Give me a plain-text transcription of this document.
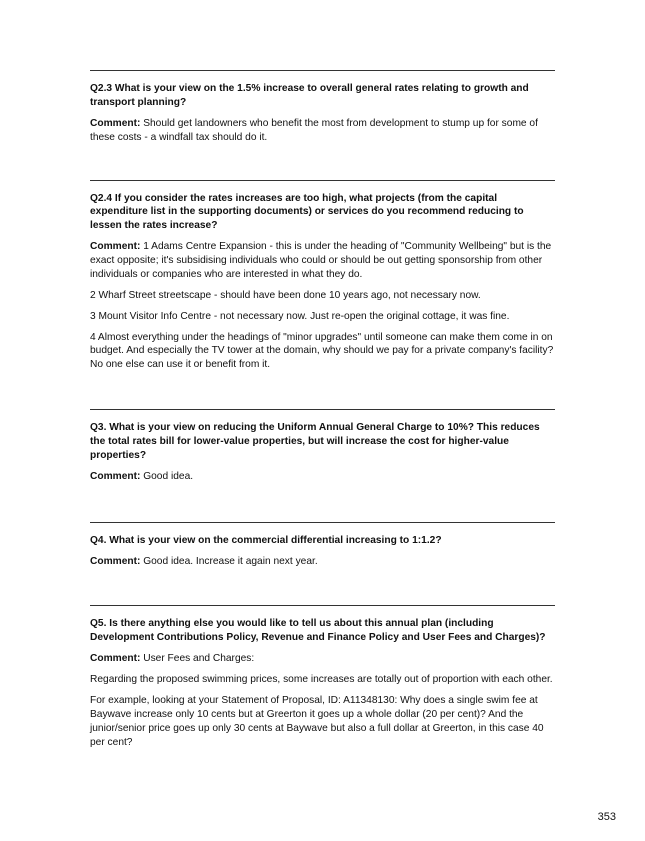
Q2.3 What is your view on the 1.5% increase to overall general rates relating to growth and transport planning?
Comment: Should get landowners who benefit the most from development to stump up for some of these costs - a windfall tax should do it.
Q2.4 If you consider the rates increases are too high, what projects (from the capital expenditure list in the supporting documents) or services do you recommend reducing to lessen the rates increase?
Comment: 1 Adams Centre Expansion - this is under the heading of "Community Wellbeing" but is the exact opposite; it's subsidising individuals who could or should be out getting sponsorship from other individuals or companies who are interested in what they do.
2 Wharf Street streetscape - should have been done 10 years ago, not necessary now.
3 Mount Visitor Info Centre - not necessary now. Just re-open the original cottage, it was fine.
4 Almost everything under the headings of "minor upgrades" until someone can make them come in on budget. And especially the TV tower at the domain, why should we pay for a private company's facility? No one else can use it or benefit from it.
Q3. What is your view on reducing the Uniform Annual General Charge to 10%? This reduces the total rates bill for lower-value properties, but will increase the cost for higher-value properties?
Comment: Good idea.
Q4. What is your view on the commercial differential increasing to 1:1.2?
Comment: Good idea. Increase it again next year.
Q5. Is there anything else you would like to tell us about this annual plan (including Development Contributions Policy, Revenue and Finance Policy and User Fees and Charges)?
Comment: User Fees and Charges:
Regarding the proposed swimming prices, some increases are totally out of proportion with each other.
For example, looking at your Statement of Proposal, ID: A11348130: Why does a single swim fee at Baywave increase only 10 cents but at Greerton it goes up a whole dollar (20 per cent)? And the junior/senior price goes up only 30 cents at Baywave but also a full dollar at Greerton, in this case 40 per cent?
353
